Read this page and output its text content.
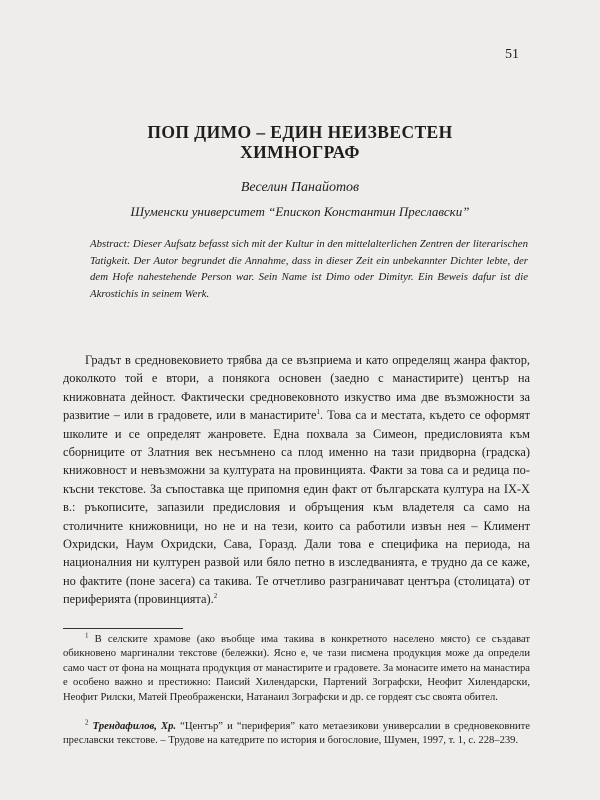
51
ПОП ДИМО – ЕДИН НЕИЗВЕСТЕН
ХИМНОГРАФ
Веселин Панайотов
Шуменски университет “Епископ Константин Преславски”

Abstract: Dieser Aufsatz befasst sich mit der Kultur in den mittelalterlichen Zentren der literarischen Tatigkeit. Der Autor begrundet die Annahme, dass in dieser Zeit ein unbekannter Dichter lebte, der dem Hofe nahestehende Person war. Sein Name ist Dimo oder Dimityr. Ein Beweis dafur ist die Akrostichis in seinem Werk.

Градът в средновековието трябва да се възприема и като определящ жанра фактор, доколкото той е втори, а понякога основен (заедно с манастирите) център на книжовната дейност. Фактически средновековното изкуство има две възможности за развитие – или в градовете, или в манастирите$^1$. Това са и местата, където се оформят школите и се определят жанровете. Една похвала за Симеон, предисловията към сборниците от Златния век несъмнено са плод именно на тази придворна (градска) книжовност и невъзможни за културата на провинцията. Факти за това са и редица по-късни текстове. За съпоставка ще припомня един факт от българската култура на IX-X в.: ръкописите, запазили предисловия и обръщения към владетеля са само на столичните книжовници, но не и на тези, които са работили извън нея – Климент Охридски, Наум Охридски, Сава, Горазд. Дали това е специфика на периода, на националния ни културен развой или бяло петно в изследванията, е трудно да се каже, но фактите (поне засега) са такива. Те отчетливо разграничават центъра (столицата) от периферията (провинцията).$^2$

$^1$ В селските храмове (ако въобще има такива в конкретното населено място) се създават обикновено маргинални текстове (бележки). Ясно е, че тази писмена продукция може да определи само част от фона на мощната продукция от манастирите и градовете. За монасите името на манастира е особено важно и престижно: Паисий Хилендарски, Партений Зографски, Неофит Хилендарски, Неофит Рилски, Матей Преображенски, Натанаил Зографски и др. се гордеят със своята обител.

$^2$ Трендафилов, Хр. “Център” и “периферия” като метаезикови универсалии в средновековните преславски текстове. – Трудове на катедрите по история и богословие, Шумен, 1997, т. 1, с. 228–239.
